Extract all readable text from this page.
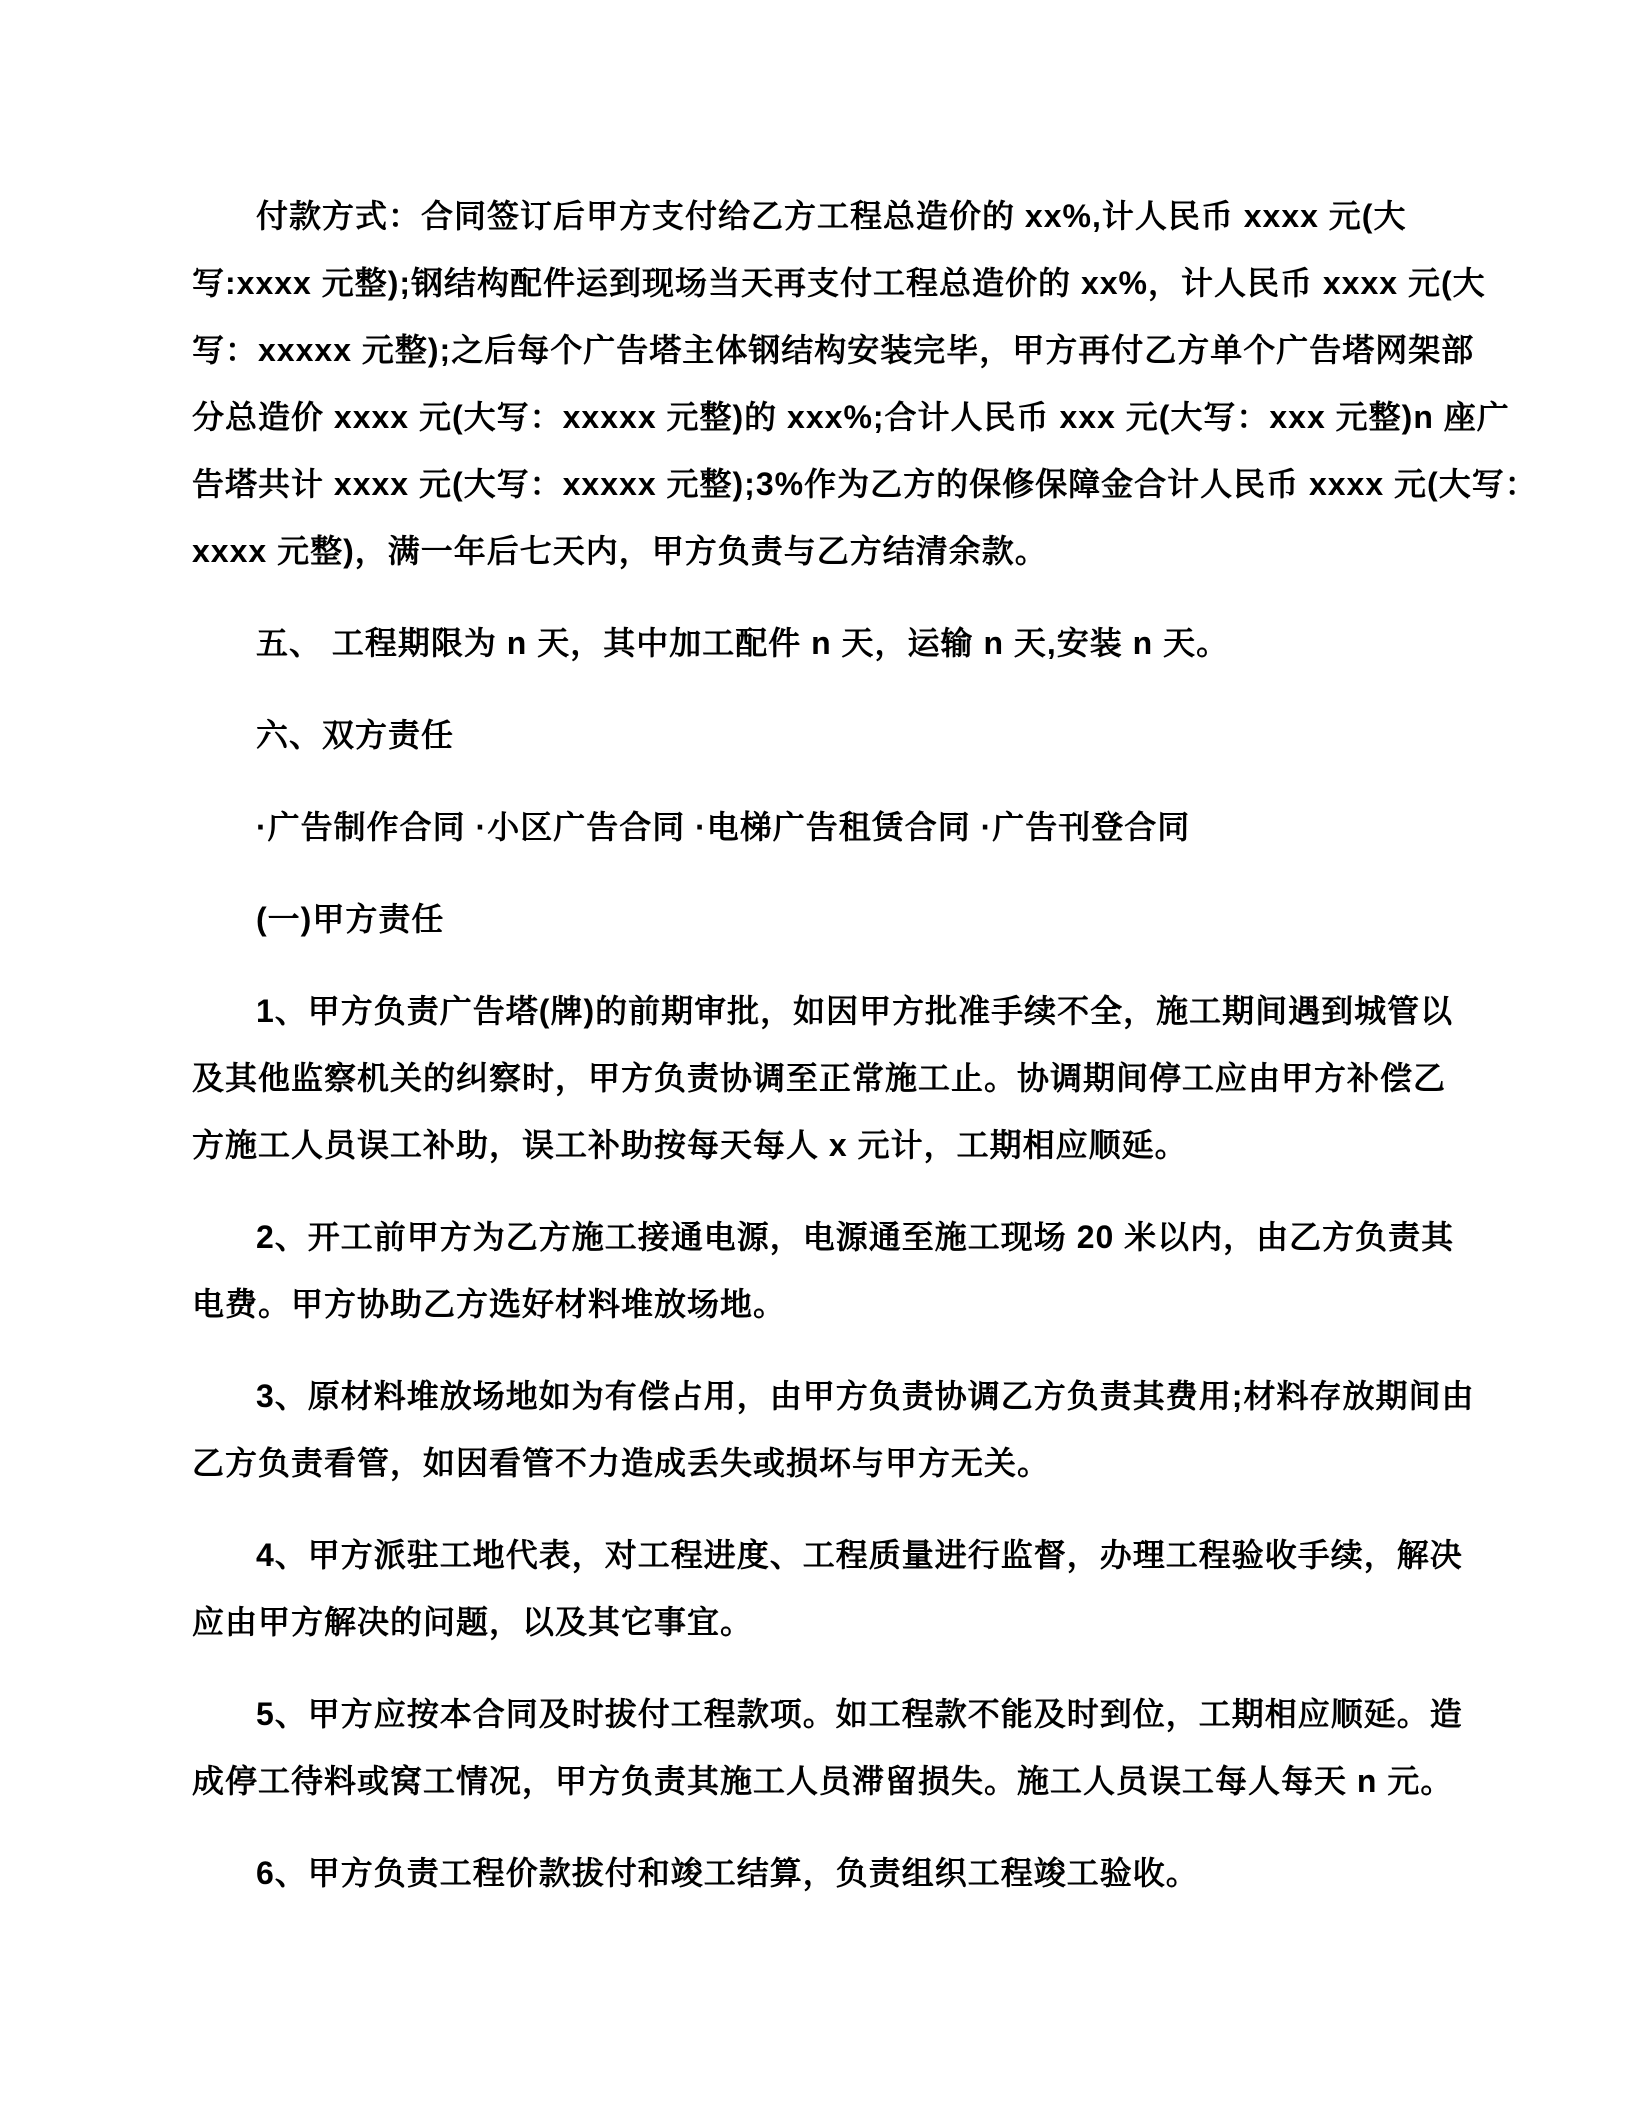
付款方式：合同签订后甲方支付给乙方工程总造价的 xx%,计人民币 xxxx 元(大
写:xxxx 元整);钢结构配件运到现场当天再支付工程总造价的 xx%，计人民币 xxxx 元(大
写：xxxxx 元整);之后每个广告塔主体钢结构安装完毕，甲方再付乙方单个广告塔网架部
分总造价 xxxx 元(大写：xxxxx 元整)的 xxx%;合计人民币 xxx 元(大写：xxx 元整)n 座广
告塔共计 xxxx 元(大写：xxxxx 元整);3%作为乙方的保修保障金合计人民币 xxxx 元(大写：
xxxx 元整)，满一年后七天内，甲方负责与乙方结清余款。
五、 工程期限为 n 天，其中加工配件 n 天，运输 n 天,安装 n 天。
六、双方责任
·广告制作合同 ·小区广告合同 ·电梯广告租赁合同 ·广告刊登合同
(一)甲方责任
1、甲方负责广告塔(牌)的前期审批，如因甲方批准手续不全，施工期间遇到城管以
及其他监察机关的纠察时，甲方负责协调至正常施工止。协调期间停工应由甲方补偿乙
方施工人员误工补助，误工补助按每天每人 x 元计，工期相应顺延。
2、开工前甲方为乙方施工接通电源，电源通至施工现场 20 米以内，由乙方负责其
电费。甲方协助乙方选好材料堆放场地。
3、原材料堆放场地如为有偿占用，由甲方负责协调乙方负责其费用;材料存放期间由
乙方负责看管，如因看管不力造成丢失或损坏与甲方无关。
4、甲方派驻工地代表，对工程进度、工程质量进行监督，办理工程验收手续，解决
应由甲方解决的问题，以及其它事宜。
5、甲方应按本合同及时拔付工程款项。如工程款不能及时到位，工期相应顺延。造
成停工待料或窝工情况，甲方负责其施工人员滞留损失。施工人员误工每人每天 n 元。
6、甲方负责工程价款拔付和竣工结算，负责组织工程竣工验收。
